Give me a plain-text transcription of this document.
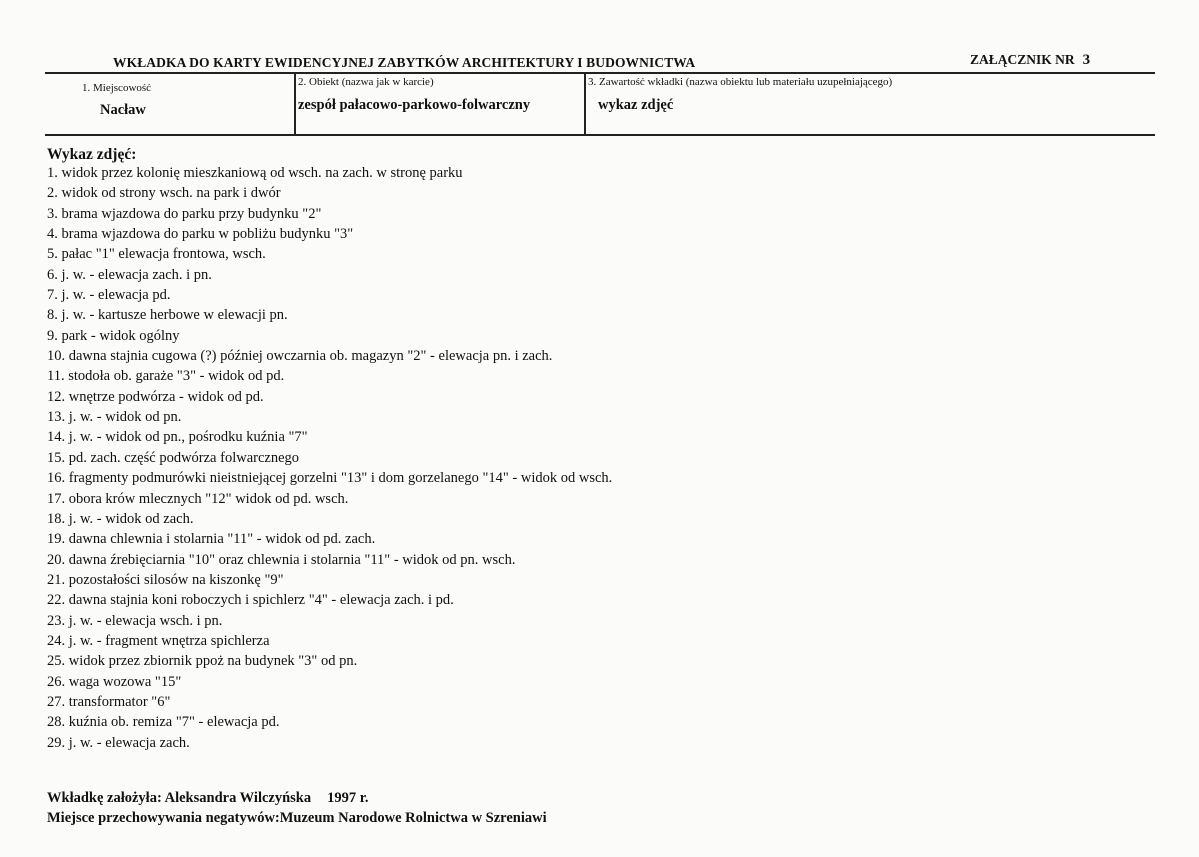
WKŁADKA DO KARTY EWIDENCYJNEJ ZABYTKÓW ARCHITEKTURY I BUDOWNICTWA	ZAŁĄCZNIK NR 3
1. Miejscowość
Nacław
2. Obiekt (nazwa jak w karcie)
zespół pałacowo-parkowo-folwarczny
3. Zawartość wkładki (nazwa obiektu lub materiału uzupełniającego)
wykaz zdjęć
Wykaz zdjęć:
1. widok przez kolonię mieszkaniową od wsch. na zach. w stronę parku
2. widok od strony wsch. na park i dwór
3. brama wjazdowa do parku przy budynku "2"
4. brama wjazdowa do parku w pobliżu budynku "3"
5. pałac "1" elewacja frontowa, wsch.
6. j. w. - elewacja zach. i pn.
7. j. w. - elewacja pd.
8. j. w. - kartusze herbowe w elewacji pn.
9. park - widok ogólny
10. dawna stajnia cugowa (?) później owczarnia ob. magazyn "2" - elewacja pn. i zach.
11. stodoła ob. garaże "3" - widok od pd.
12. wnętrze podwórza - widok od pd.
13. j. w. - widok od pn.
14. j. w. - widok od pn., pośrodku kuźnia "7"
15. pd. zach. część podwórza folwarcznego
16. fragmenty podmurówki nieistniejącej gorzelni "13" i dom gorzelanego "14" - widok od wsch.
17. obora krów mlecznych "12" widok od pd. wsch.
18. j. w. - widok od zach.
19. dawna chlewnia i stolarnia "11" - widok od pd. zach.
20. dawna źrebięciarnia "10" oraz chlewnia i stolarnia "11" - widok od pn. wsch.
21. pozostałości silosów na kiszonkę "9"
22. dawna stajnia koni roboczych i spichlerz "4" - elewacja zach. i pd.
23. j. w. - elewacja wsch. i pn.
24. j. w. - fragment wnętrza spichlerza
25. widok przez zbiornik ppoż na budynek "3" od pn.
26. waga wozowa "15"
27. transformator "6"
28. kuźnia ob. remiza "7" - elewacja pd.
29. j. w. - elewacja zach.
Wkładkę założyła: Aleksandra Wilczyńska 1997 r.
Miejsce przechowywania negatywów:Muzeum Narodowe Rolnictwa w Szreniawi
